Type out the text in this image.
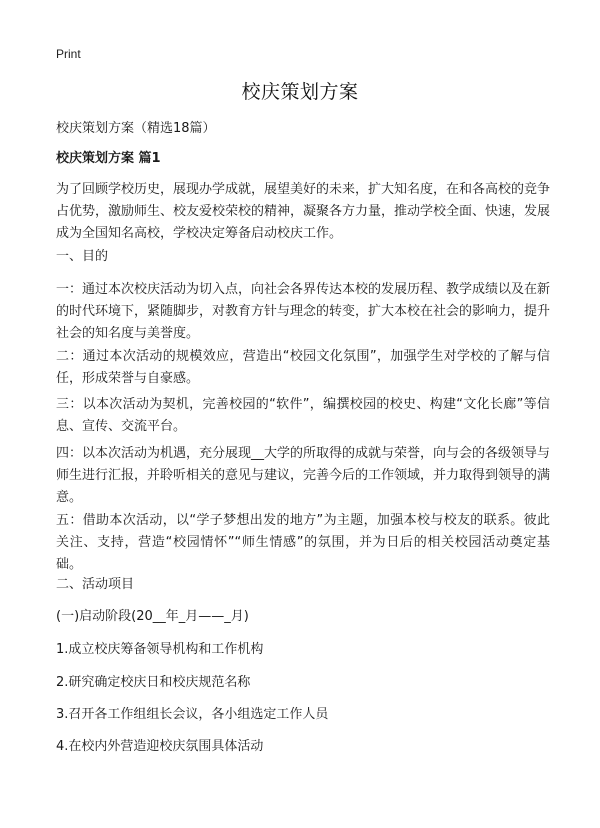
Print
校庆策划方案
校庆策划方案（精选18篇）
校庆策划方案 篇1

为了回顾学校历史，展现办学成就，展望美好的未来，扩大知名度，在和各高校的竞争占优势，激励师生、校友爱校荣校的精神，凝聚各方力量，推动学校全面、快速，发展成为全国知名高校，学校决定筹备启动校庆工作。

一、目的

一：通过本次校庆活动为切入点，向社会各界传达本校的发展历程、教学成绩以及在新的时代环境下，紧随脚步，对教育方针与理念的转变，扩大本校在社会的影响力，提升社会的知名度与美誉度。

二：通过本次活动的规模效应，营造出“校园文化氛围”，加强学生对学校的了解与信任，形成荣誉与自豪感。

三：以本次活动为契机，完善校园的“软件”，编撰校园的校史、构建“文化长廊”等信息、宣传、交流平台。

四：以本次活动为机遇，充分展现__大学的所取得的成就与荣誉，向与会的各级领导与师生进行汇报，并聆听相关的意见与建议，完善今后的工作领域，并力取得到领导的满意。

五：借助本次活动，以“学子梦想出发的地方”为主题，加强本校与校友的联系。彼此关注、支持，营造“校园情怀”“师生情感”的氛围，并为日后的相关校园活动奠定基础。

二、活动项目

(一)启动阶段(20__年_月——_月)

1.成立校庆筹备领导机构和工作机构

2.研究确定校庆日和校庆规范名称

3.召开各工作组组长会议，各小组选定工作人员

4.在校内外营造迎校庆氛围具体活动
